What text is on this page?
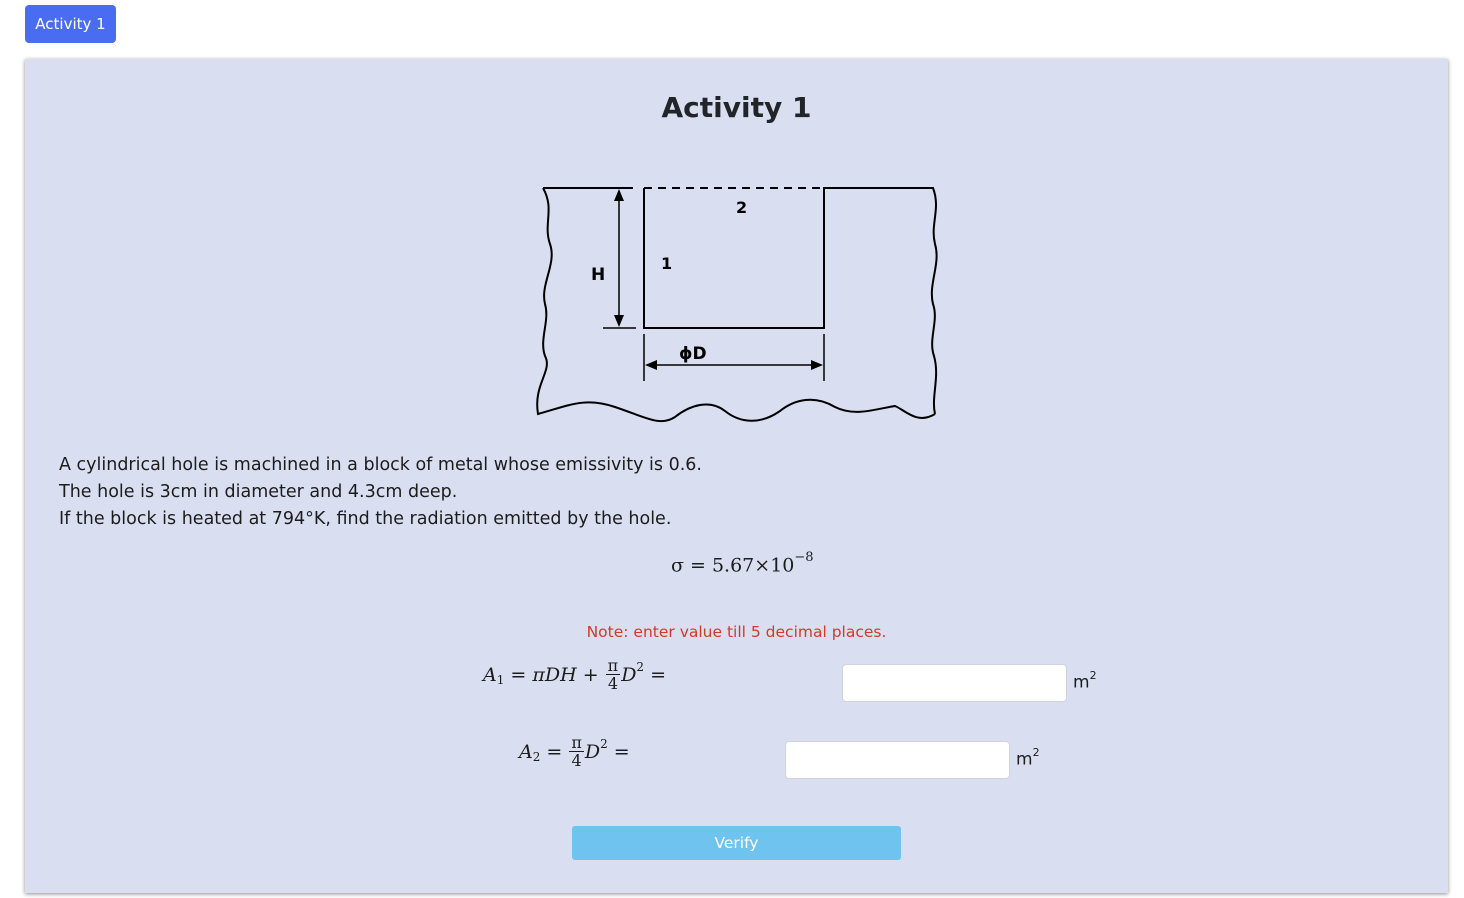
Activity 1
Activity 1
2
1
H
ϕD
A cylindrical hole is machined in a block of metal whose emissivity is 0.6.
The hole is 3cm in diameter and 4.3cm deep.
If the block is heated at 794°K, find the radiation emitted by the hole.
$\sigma = 5.67\times 10^{-8}$
Note: enter value till 5 decimal places.
A $1 = \pi DH + \frac{\pi}{4}$ D 2 =	$m^2$
A $2 = \frac{\pi}{4}$ D 2 =	$m^2$
Verify
